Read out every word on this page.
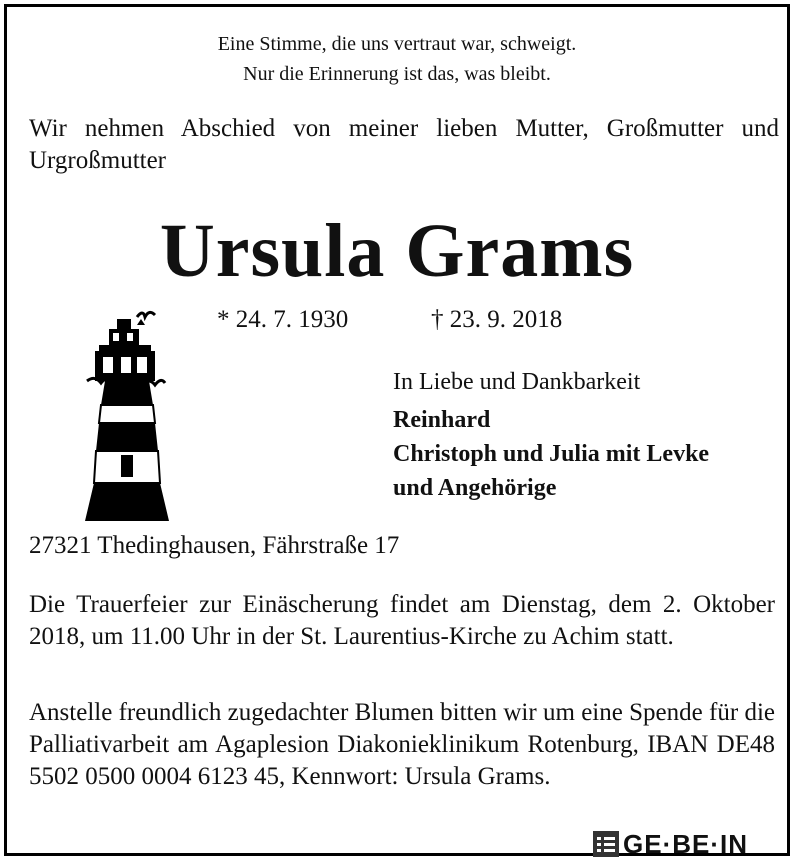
Eine Stimme, die uns vertraut war, schweigt.

Nur die Erinnerung ist das, was bleibt.

Wir nehmen Abschied von meiner lieben Mutter, Großmutter und Urgroßmutter

Ursula Grams

* 24. 7. 1930	† 23. 9. 2018

In Liebe und Dankbarkeit

Reinhard

Christoph und Julia mit Levke

und Angehörige

27321 Thedinghausen, Fährstraße 17

Die Trauerfeier zur Einäscherung findet am Dienstag, dem 2. Oktober 2018, um 11.00 Uhr in der St. Laurentius-Kirche zu Achim statt.

Anstelle freundlich zugedachter Blumen bitten wir um eine Spende für die Palliativarbeit am Agaplesion Diakonieklinikum Rotenburg, IBAN DE48 5502 0500 0004 6123 45, Kennwort: Ursula Grams.

GE·BE·IN
